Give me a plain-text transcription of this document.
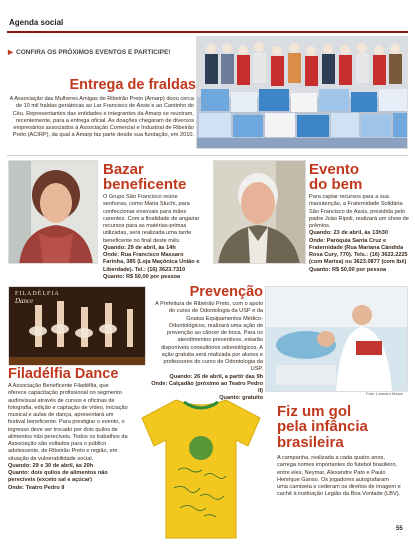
Agenda social
▶ CONFIRA OS PRÓXIMOS EVENTOS E PARTICIPE!
Entrega de fraldas
A Associação das Mulheres Amigas de Ribeirão Preto (Amarp) doou cerca de 10 mil fraldas geriátricas ao Lar Francisco de Assis e ao Cantinho do Céu. Representantes das entidades e integrantes da Amarp se reuniram, recentemente, para a entrega oficial. As doações chegaram de diversos empresários associados à Associação Comercial e Industrial de Ribeirão Preto (ACIRP), da qual a Amarp faz parte desde sua fundação, em 2010.
Bazar
beneficente
O Grupo São Francisco reúne senhoras, como Maria Stuchi, para confeccionar enxovais para mães carentes. Com a finalidade de angariar recursos para as matérias-primas utilizadas, será realizada uma tarde beneficente no final deste mês.
Quando: 29 de abril, às 14h
Onde: Rua Francisco Massaro Farinha, 385 (Loja Maçônica União e Liberdade). Tel.: (16) 3623.7310
Quanto: R$ 50,00 por pessoa
Evento
do bem
Para captar recursos para a sua manutenção, a Fraternidade Solidária São Francisco de Assis, presidida pelo padre Joào Ripoli, realizará um show de prêmios.
Quando: 23 de abril, às 13h30
Onde: Paróquia Santa Cruz e Fraternidade (Rua Mariana Cândida Rosa Cury, 770). Tels.: (16) 3623.2225 (com Marisa) ou 3623.0877 (com Ibê)
Quanto: R$ 50,00 por pessoa
FILADÉLFIA
Dance
Prevenção
A Prefeitura de Ribeirão Preto, com o apoio do curso de Odontologia da USP e da Gnatus Equipamentos Médico-Odontológicos, realizará uma ação de prevenção ao câncer de boca. Para os atendimentos preventivos, estarão disponíveis consultórios odontológicos. A ação gratuita será realizada por alunos e professores do curso de Odontologia da USP.
Quando: 26 de abril, a partir das 9h
Onde: Calçadão (próximo ao Teatro Pedro II)
Quanto: gratuito
Foto: Leandro Matos
Filadélfia Dance
A Associação Beneficente Filadélfia, que oferece capacitação profissional no segmento audiovisual através de cursos e oficinas de fotografia, edição e captação de vídeo, iniciação musical e aulas de dança, apresentará um festival beneficente. Para prestigiar o evento, o ingresso deve ser trocado por dois quilos de alimentos não perecíveis. Todos os trabalhos da Associação são voltados para o público adolescente, de Ribeirão Preto e região, em situação de vulnerabilidade social.
Quando: 29 e 30 de abril, às 20h
Quanto: dois quilos de alimentos não perecíveis (exceto sal e açúcar)
Onde: Teatro Pedro II
Fiz um gol
pela infância
brasileira
A campanha, realizada a cada quatro anos, carrega nomes importantes do futebol brasileiro, entre eles, Neymar, Alexandre Pato e Paulo Henrique Ganso. Os jogadores autografaram uma camiseta e cederam os direitos de imagem e cachê à instituição Legião da Boa Vontade (LBV).
55
